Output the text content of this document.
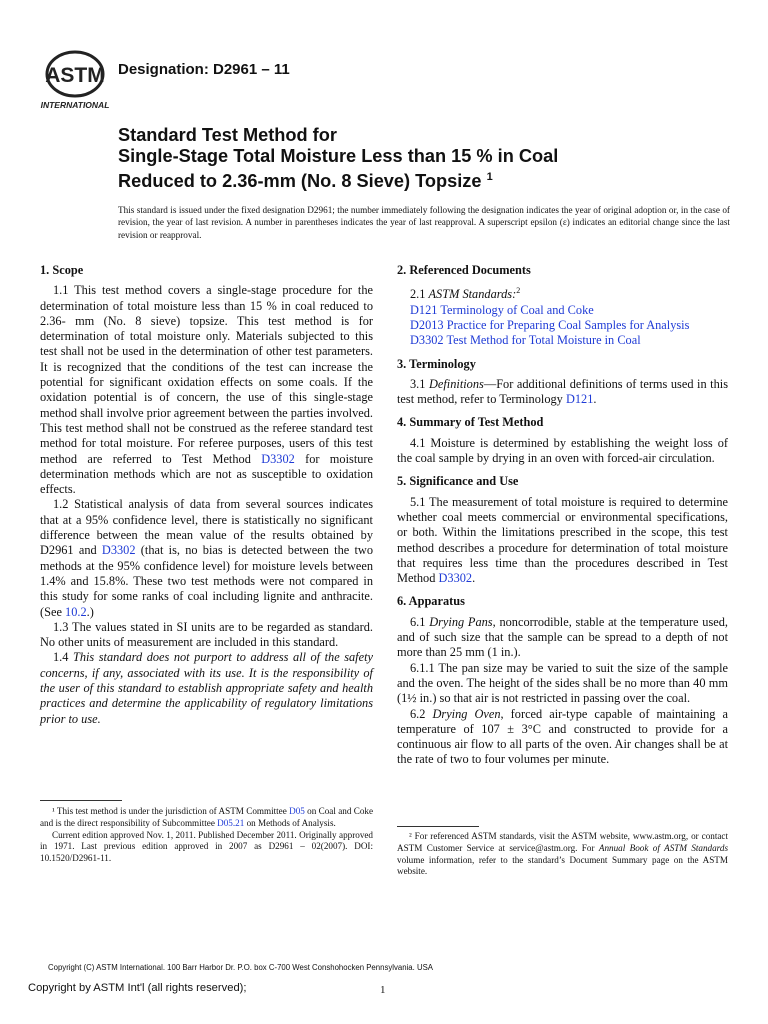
ASTM
INTERNATIONAL
Designation: D2961 – 11
Standard Test Method for
Single-Stage Total Moisture Less than 15 % in Coal
Reduced to 2.36-mm (No. 8 Sieve) Topsize $^1$
This standard is issued under the fixed designation D2961; the number immediately following the designation indicates the year of original adoption or, in the case of revision, the year of last revision. A number in parentheses indicates the year of last reapproval. A superscript epsilon (ε) indicates an editorial change since the last revision or reapproval.
1. Scope

1.1 This test method covers a single-stage procedure for the determination of total moisture less than 15 % in coal reduced to 2.36- mm (No. 8 sieve) topsize. This test method is for determination of total moisture only. Materials subjected to this test shall not be used in the determination of other test parameters. It is recognized that the conditions of the test can increase the potential for significant oxidation effects on some coals. If the oxidation potential is of concern, the use of this single-stage method shall involve prior agreement between the parties involved. This test method shall not be construed as the referee standard test method for total moisture. For referee purposes, users of this test method are referred to Test Method D3302 for moisture determination methods which are not as susceptible to oxidation effects.

1.2 Statistical analysis of data from several sources indicates that at a 95% confidence level, there is statistically no significant difference between the mean value of the results obtained by D2961 and D3302 (that is, no bias is detected between the two methods at the 95% confidence level) for moisture levels between 1.4% and 15.8%. These two test methods were not compared in this study for some ranks of coal including lignite and anthracite. (See 10.2.)

1.3 The values stated in SI units are to be regarded as standard. No other units of measurement are included in this standard.

1.4 This standard does not purport to address all of the safety concerns, if any, associated with its use. It is the responsibility of the user of this standard to establish appropriate safety and health practices and determine the applicability of regulatory limitations prior to use.

¹ This test method is under the jurisdiction of ASTM Committee D05 on Coal and Coke and is the direct responsibility of Subcommittee D05.21 on Methods of Analysis.

Current edition approved Nov. 1, 2011. Published December 2011. Originally approved in 1971. Last previous edition approved in 2007 as D2961 – 02(2007). DOI: 10.1520/D2961-11.

2. Referenced Documents

2.1 ASTM Standards:$^2$

D121 Terminology of Coal and Coke

D2013 Practice for Preparing Coal Samples for Analysis

D3302 Test Method for Total Moisture in Coal

3. Terminology

3.1 Definitions—For additional definitions of terms used in this test method, refer to Terminology D121.

4. Summary of Test Method

4.1 Moisture is determined by establishing the weight loss of the coal sample by drying in an oven with forced-air circulation.

5. Significance and Use

5.1 The measurement of total moisture is required to determine whether coal meets commercial or environmental specifications, or both. Within the limitations prescribed in the scope, this test method describes a procedure for determination of total moisture that requires less time than the procedures described in Test Method D3302.

6. Apparatus

6.1 Drying Pans, noncorrodible, stable at the temperature used, and of such size that the sample can be spread to a depth of not more than 25 mm (1 in.).

6.1.1 The pan size may be varied to suit the size of the sample and the oven. The height of the sides shall be no more than 40 mm (1½ in.) so that air is not restricted in passing over the coal.

6.2 Drying Oven, forced air-type capable of maintaining a temperature of 107 ± 3°C and constructed to provide for a continuous air flow to all parts of the oven. Air changes shall be at the rate of two to four volumes per minute.

² For referenced ASTM standards, visit the ASTM website, www.astm.org, or contact ASTM Customer Service at service@astm.org. For Annual Book of ASTM Standards volume information, refer to the standard’s Document Summary page on the ASTM website.

Copyright (C) ASTM International. 100 Barr Harbor Dr. P.O. box C-700 West Conshohocken Pennsylvania. USA
Copyright by ASTM Int'l (all rights reserved);	1
